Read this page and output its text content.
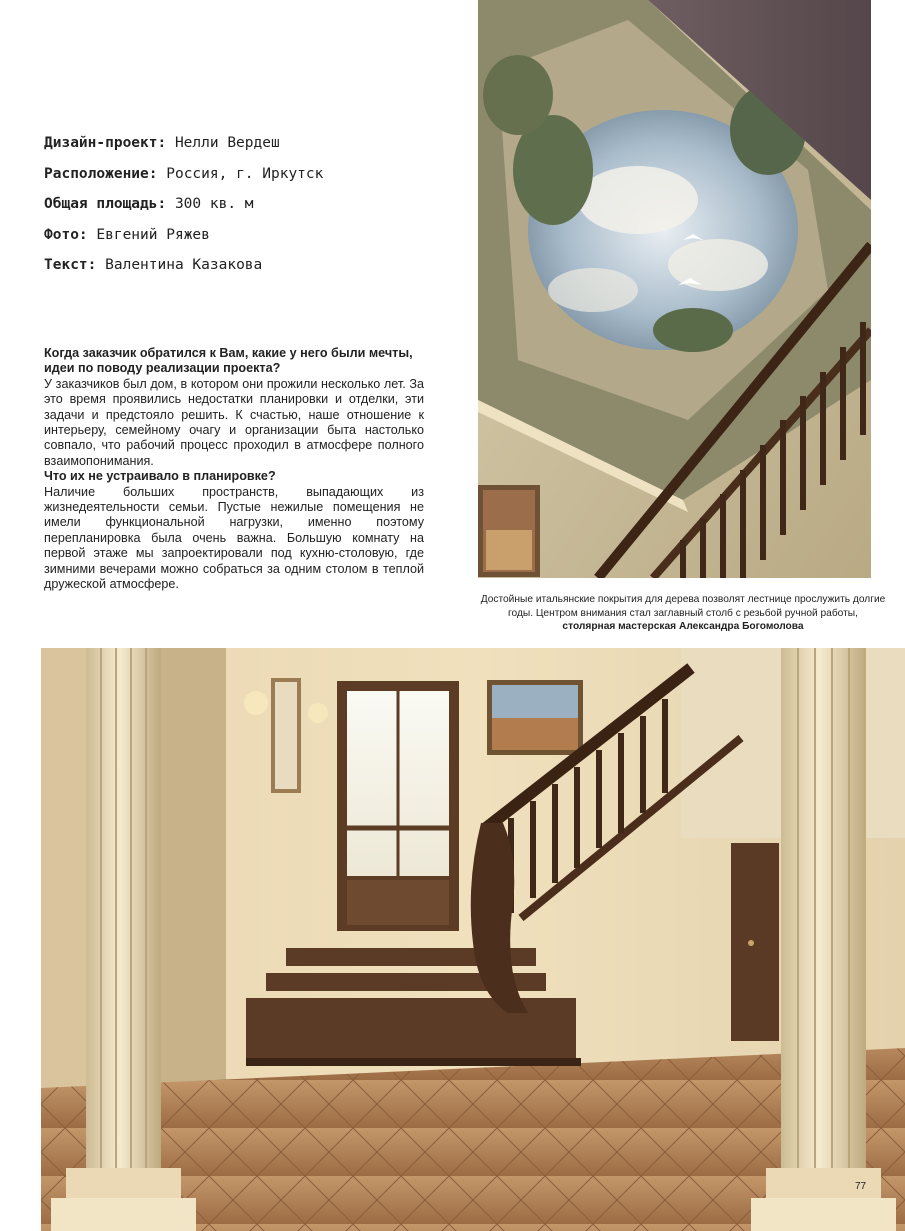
Дизайн-проект: Нелли Вердеш
Расположение: Россия, г. Иркутск
Общая площадь: 300 кв. м
Фото: Евгений Ряжев
Текст: Валентина Казакова

Когда заказчик обратился к Вам, какие у него были мечты, идеи по поводу реализации проекта?

У заказчиков был дом, в котором они прожили несколько лет. За это время проявились недостатки планировки и отделки, эти задачи и предстояло решить. К счастью, наше отношение к интерьеру, семейному очагу и организации быта настолько совпало, что рабочий процесс проходил в атмосфере полного взаимопонимания.

Что их не устраивало в планировке?

Наличие больших пространств, выпадающих из жизнедеятельности семьи. Пустые нежилые помещения не имели функциональной нагрузки, именно поэтому перепланировка была очень важна. Большую комнату на первой этаже мы запроектировали под кухню-столовую, где зимними вечерами можно собраться за одним столом в теплой дружеской атмосфере.

Достойные итальянские покрытия для дерева позволят лестнице прослужить долгие годы. Центром внимания стал заглавный столб с резьбой ручной работы,
столярная мастерская Александра Богомолова
77
